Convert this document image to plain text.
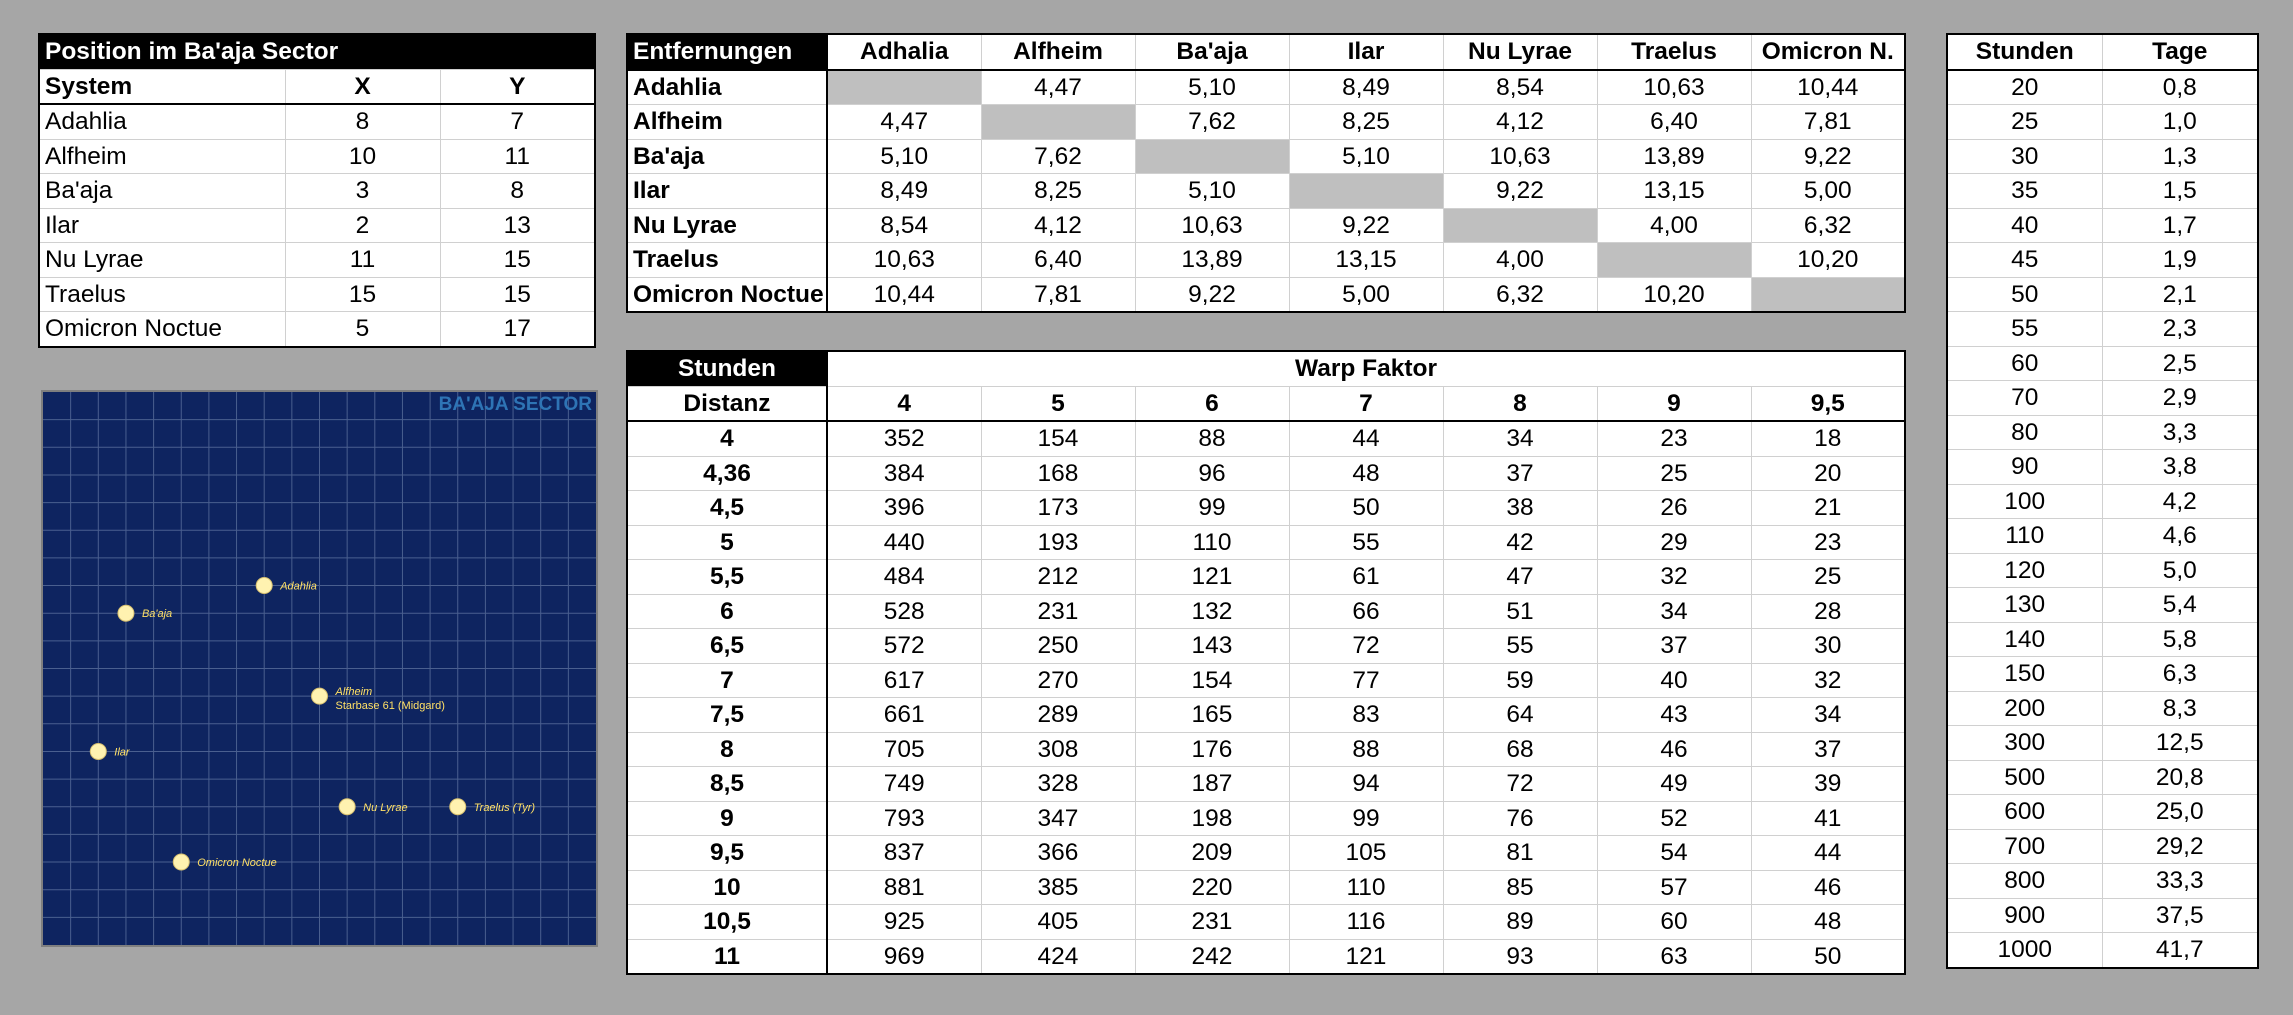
Position im Ba'aja Sector		
System	X	Y
Adahlia	8	7
Alfheim	10	11
Ba'aja	3	8
Ilar	2	13
Nu Lyrae	11	15
Traelus	15	15
Omicron Noctue	5	17
BA'AJA SECTOR
Adahlia
Ba'aja
Alfheim
Starbase 61 (Midgard)
Ilar
Nu Lyrae	Traelus (Tyr)
Omicron Noctue
Entfernungen	Adhalia	Alfheim	Ba'aja	Ilar	Nu Lyrae	Traelus	Omicron N.
Adahlia		4,47	5,10	8,49	8,54	10,63	10,44
Alfheim	4,47		7,62	8,25	4,12	6,40	7,81
Ba'aja	5,10	7,62		5,10	10,63	13,89	9,22
Ilar	8,49	8,25	5,10		9,22	13,15	5,00
Nu Lyrae	8,54	4,12	10,63	9,22		4,00	6,32
Traelus	10,63	6,40	13,89	13,15	4,00		10,20
Omicron Noctue	10,44	7,81	9,22	5,00	6,32	10,20	
Stunden	Warp Faktor						
Distanz	4	5	6	7	8	9	9,5
4	352	154	88	44	34	23	18
4,36	384	168	96	48	37	25	20
4,5	396	173	99	50	38	26	21
5	440	193	110	55	42	29	23
5,5	484	212	121	61	47	32	25
6	528	231	132	66	51	34	28
6,5	572	250	143	72	55	37	30
7	617	270	154	77	59	40	32
7,5	661	289	165	83	64	43	34
8	705	308	176	88	68	46	37
8,5	749	328	187	94	72	49	39
9	793	347	198	99	76	52	41
9,5	837	366	209	105	81	54	44
10	881	385	220	110	85	57	46
10,5	925	405	231	116	89	60	48
11	969	424	242	121	93	63	50
Stunden	Tage
20	0,8
25	1,0
30	1,3
35	1,5
40	1,7
45	1,9
50	2,1
55	2,3
60	2,5
70	2,9
80	3,3
90	3,8
100	4,2
110	4,6
120	5,0
130	5,4
140	5,8
150	6,3
200	8,3
300	12,5
500	20,8
600	25,0
700	29,2
800	33,3
900	37,5
1000	41,7
